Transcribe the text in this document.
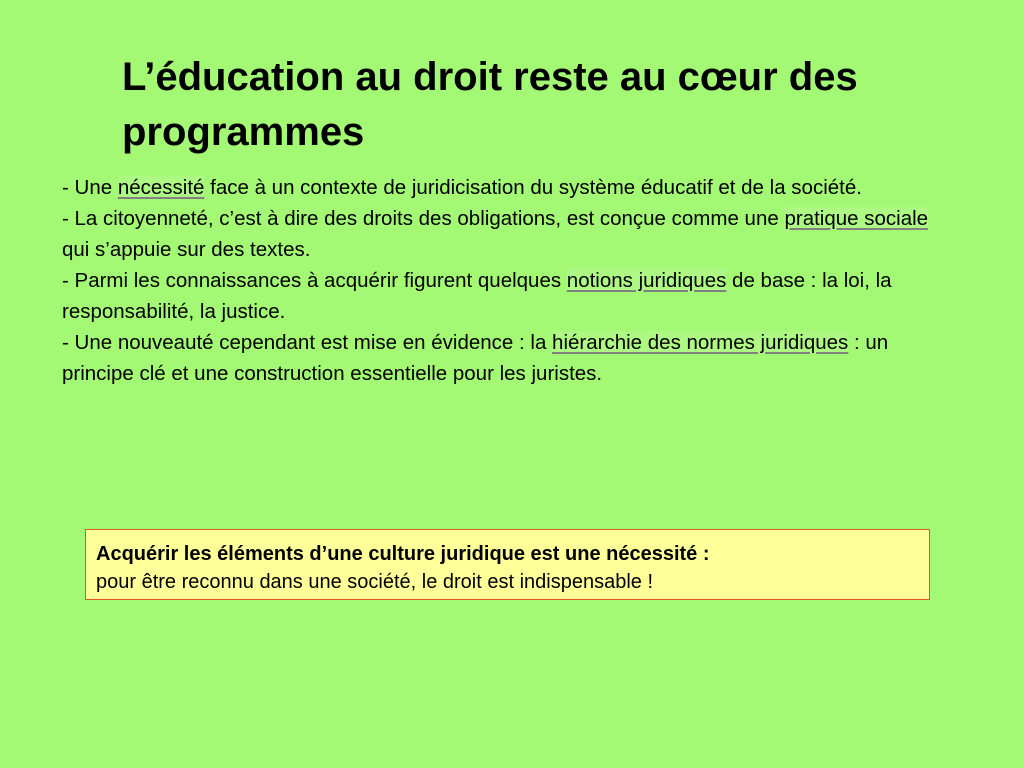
L’éducation au droit reste au cœur des programmes

- Une nécessité face à un contexte de juridicisation du système éducatif et de la société.

- La citoyenneté, c’est à dire des droits des obligations, est conçue comme une pratique sociale qui s’appuie sur des textes.

- Parmi les connaissances à acquérir figurent quelques notions juridiques de base : la loi, la responsabilité, la justice.

- Une nouveauté cependant est mise en évidence : la hiérarchie des normes juridiques : un principe clé et une construction essentielle pour les juristes.

Acquérir les éléments d’une culture juridique est une nécessité :
pour être reconnu dans une société, le droit est indispensable !
